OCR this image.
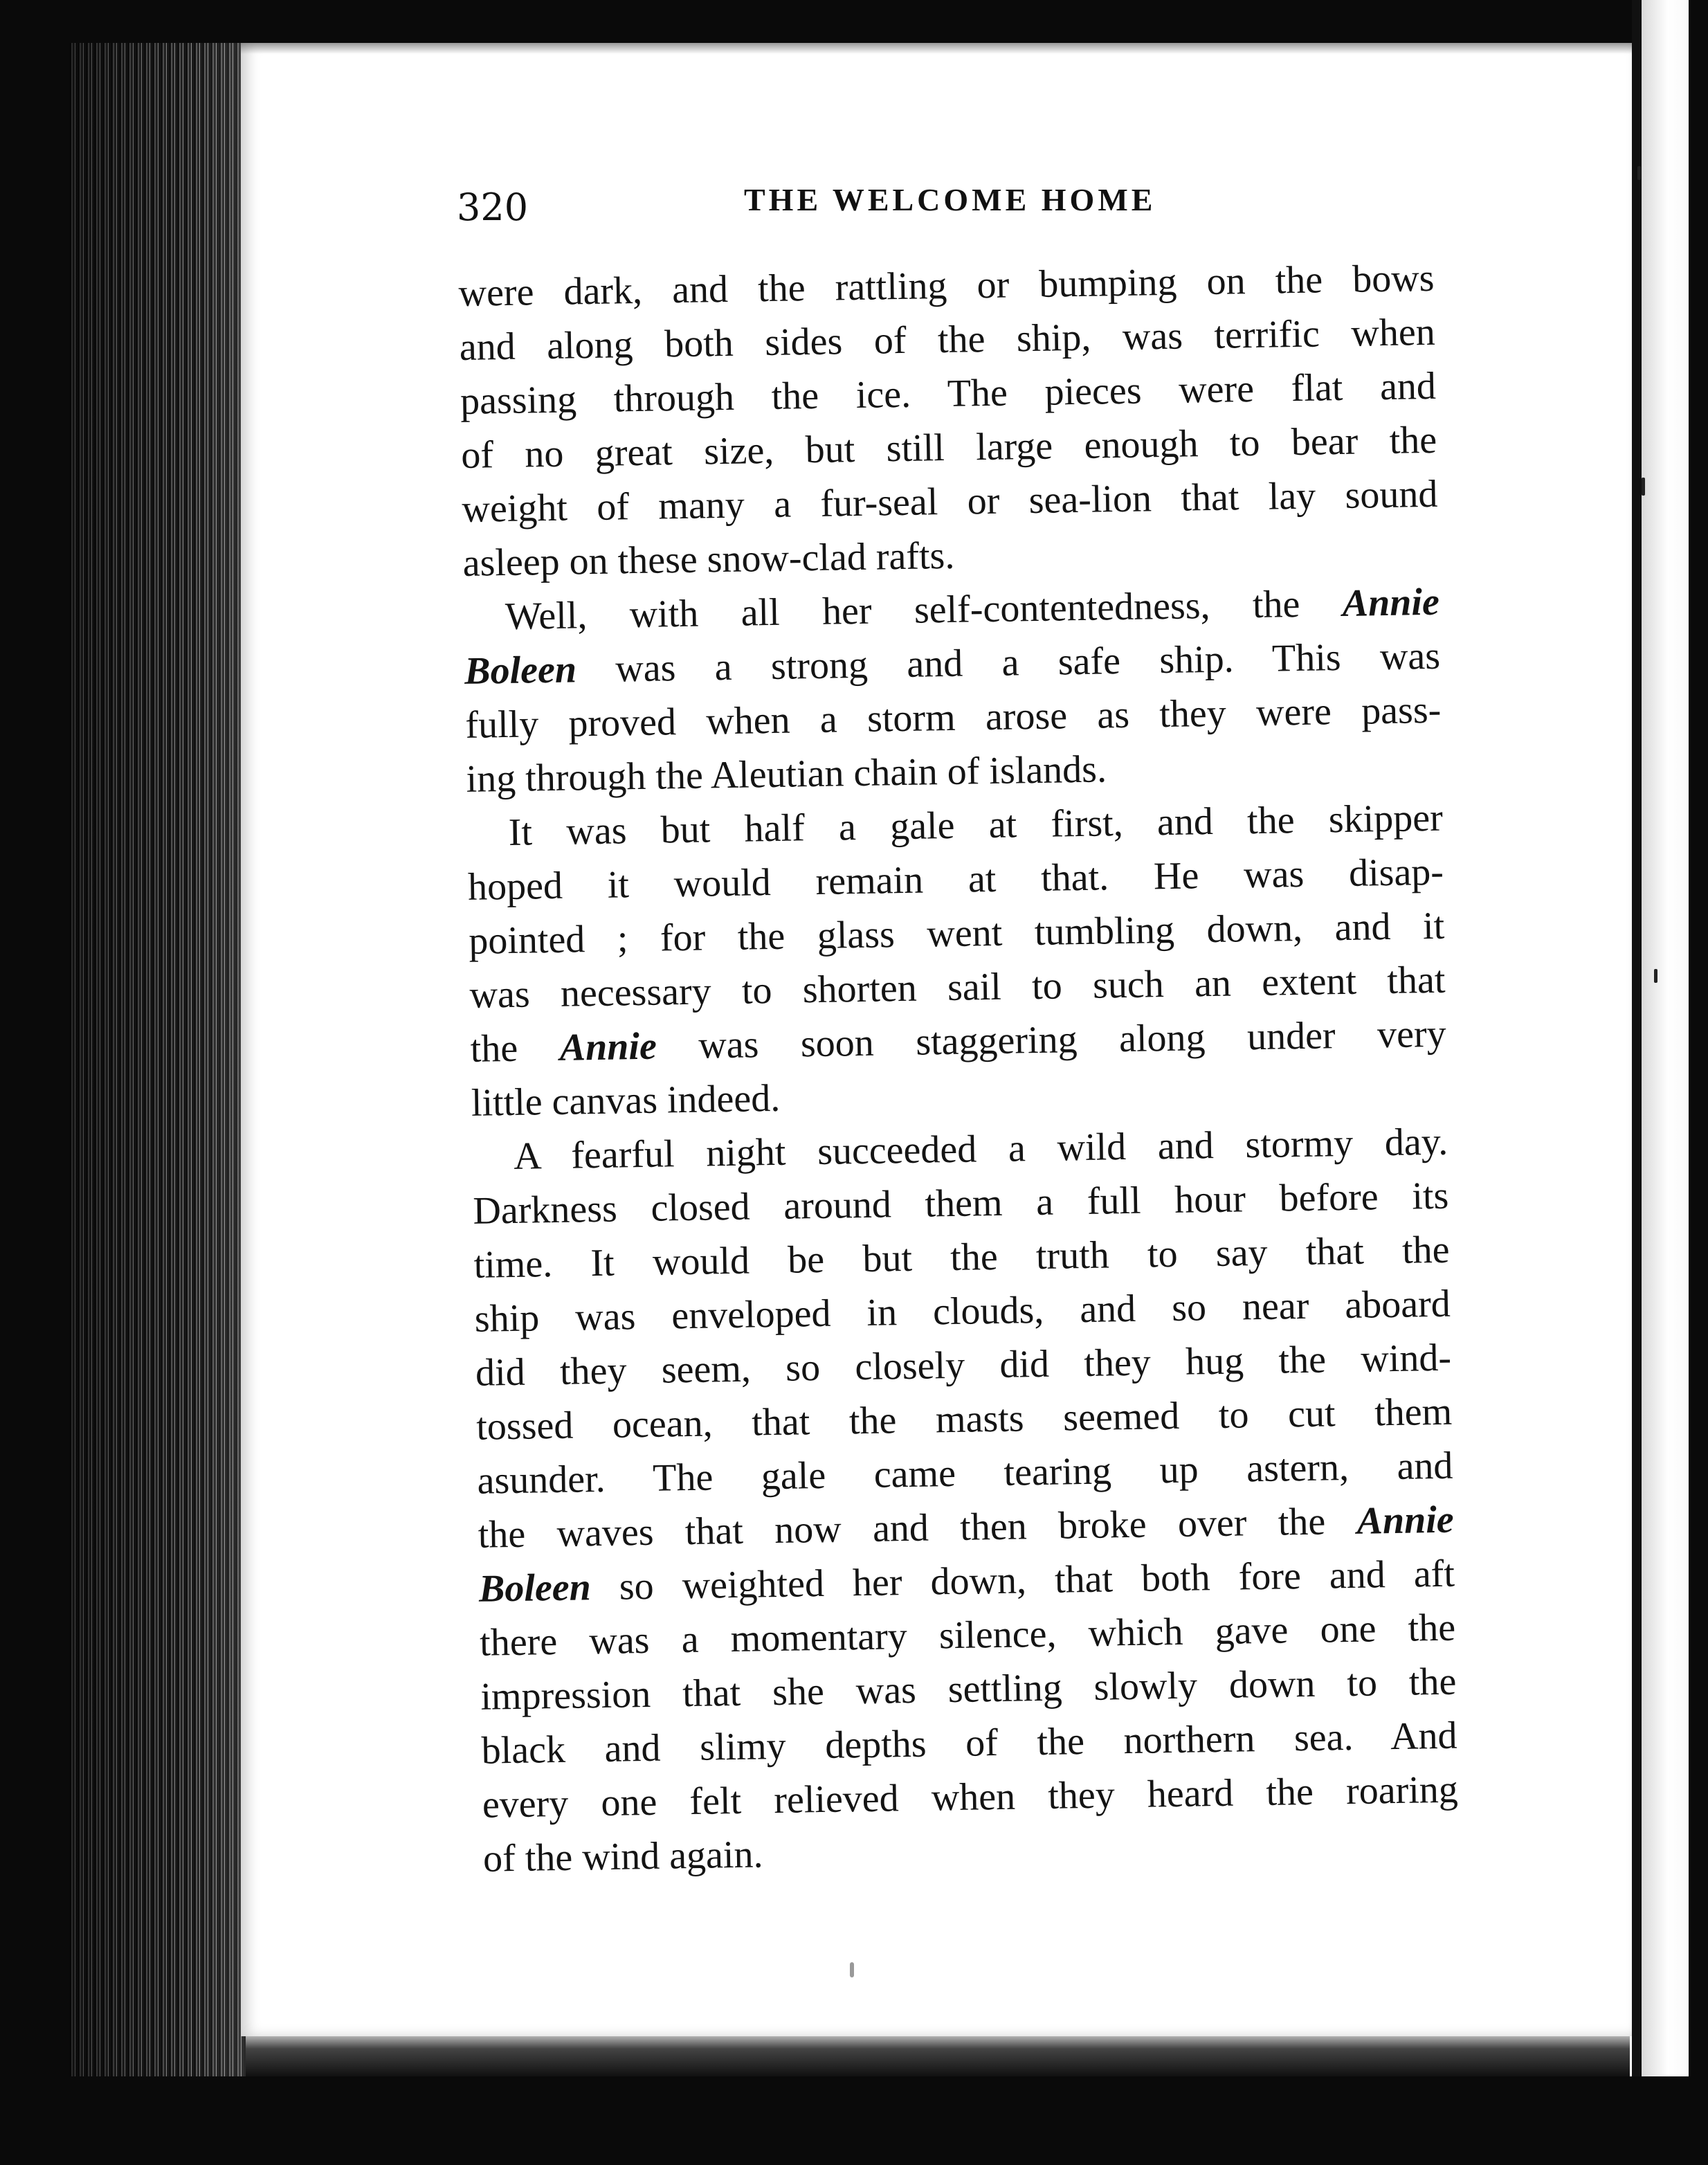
320	THE WELCOME HOME
were dark, and the rattling or bumping on the bows
and along both sides of the ship, was terrific when
passing through the ice. The pieces were flat and
of no great size, but still large enough to bear the
weight of many a fur-seal or sea-lion that lay sound
asleep on these snow-clad rafts.
Well, with all her self-contentedness, the Annie
Boleen was a strong and a safe ship. This was
fully proved when a storm arose as they were pass-
ing through the Aleutian chain of islands.
It was but half a gale at first, and the skipper
hoped it would remain at that. He was disap-
pointed ; for the glass went tumbling down, and it
was necessary to shorten sail to such an extent that
the Annie was soon staggering along under very
little canvas indeed.
A fearful night succeeded a wild and stormy day.
Darkness closed around them a full hour before its
time. It would be but the truth to say that the
ship was enveloped in clouds, and so near aboard
did they seem, so closely did they hug the wind-
tossed ocean, that the masts seemed to cut them
asunder. The gale came tearing up astern, and
the waves that now and then broke over the Annie
Boleen so weighted her down, that both fore and aft
there was a momentary silence, which gave one the
impression that she was settling slowly down to the
black and slimy depths of the northern sea. And
every one felt relieved when they heard the roaring
of the wind again.
